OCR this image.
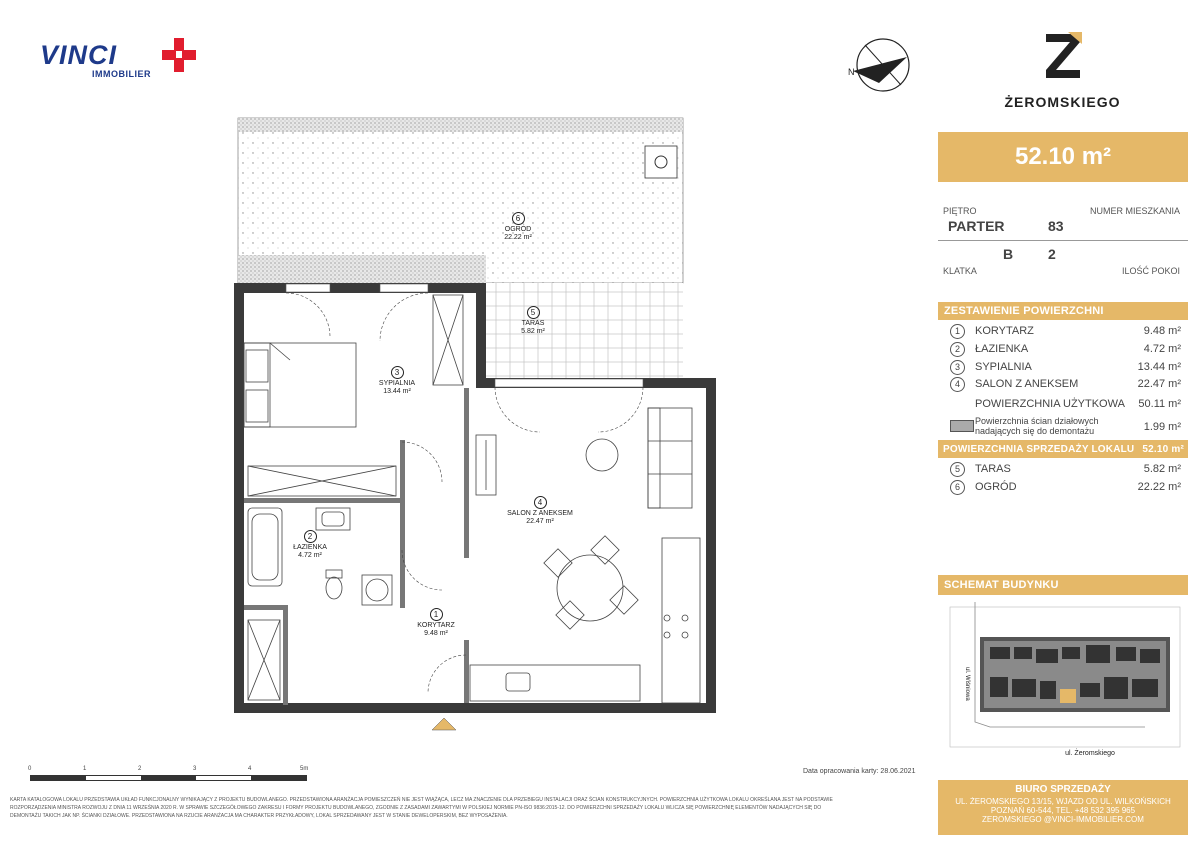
VINCI
IMMOBILIER	N
ŻEROMSKIEGO
52.10 m²
PIĘTRO
PARTER
NUMER MIESZKANIA
83
B 2
KLATKA	ILOŚĆ POKOI
ZESTAWIENIE POWIERZCHNI
1	KORYTARZ	9.48 m²
2	ŁAZIENKA	4.72 m²
3	SYPIALNIA	13.44 m²
4	SALON Z ANEKSEM	22.47 m²
POWIERZCHNIA UŻYTKOWA 50.11 m²
Powierzchnia ścian działowych
nadających się do demontażu	1.99 m²
POWIERZCHNIA SPRZEDAŻY LOKALU 52.10 m²
5	TARAS	5.82 m²
6	OGRÓD	22.22 m²
SCHEMAT BUDYNKU
ul. Żeromskiego
ul. Wiśniowa
BIURO SPRZEDAŻY
UL. ŻEROMSKIEGO 13/15, WJAZD OD UL. WILKOŃSKICH
POZNAŃ 60-544, TEL. +48 532 395 965
ZEROMSKIEGO @VINCI-IMMOBILIER.COM
6
OGRÓD
22.22 m²
5
TARAS
5.82 m²
3
SYPIALNIA
13.44 m²
2
ŁAZIENKA
4.72 m²
4
SALON Z ANEKSEM
22.47 m²
1
KORYTARZ
9.48 m²
0	1	2	3	4	5m	Data opracowania karty: 28.06.2021
KARTA KATALOGOWA LOKALU PRZEDSTAWIA UKŁAD FUNKCJONALNY WYNIKAJĄCY Z PROJEKTU BUDOWLANEGO. PRZEDSTAWIONA ARANŻACJA POMIESZCZEŃ NIE JEST WIĄŻĄCA, LECZ MA ZNACZENIE DLA PRZEBIEGU INSTALACJI ORAZ ŚCIAN KONSTRUKCYJNYCH. POWIERZCHNIA UŻYTKOWA LOKALU OKREŚLANA JEST NA PODSTAWIE
ROZPORZĄDZENIA MINISTRA ROZWOJU Z DNIA 11 WRZEŚNIA 2020 R. W SPRAWIE SZCZEGÓŁOWEGO ZAKRESU I FORMY PROJEKTU BUDOWLANEGO, ZGODNIE Z ZASADAMI ZAWARTYMI W POLSKIEJ NORMIE PN-ISO 9836:2015-12. DO POWIERZCHNI SPRZEDAŻY LOKALU WLICZA SIĘ POWIERZCHNIĘ ELEMENTÓW NADAJĄCYCH SIĘ DO
DEMONTAŻU TAKICH JAK NP. ŚCIANKI DZIAŁOWE. PRZEDSTAWIONA NA RZUCIE ARANŻACJA MA CHARAKTER PRZYKŁADOWY, LOKAL SPRZEDAWANY JEST W STANIE DEWELOPERSKIM, BEZ WYPOSAŻENIA.
